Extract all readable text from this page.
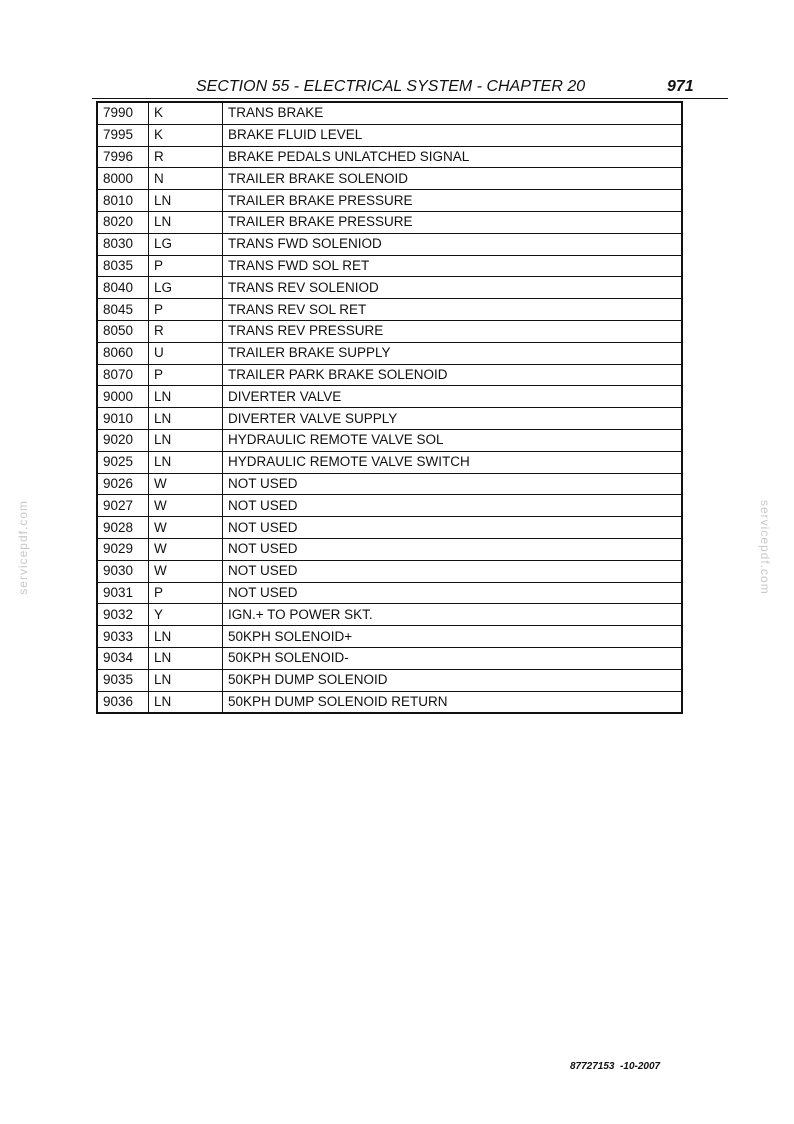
SECTION 55 - ELECTRICAL SYSTEM - CHAPTER 20	971
7990	K	TRANS BRAKE
7995	K	BRAKE FLUID LEVEL
7996	R	BRAKE PEDALS UNLATCHED SIGNAL
8000	N	TRAILER BRAKE SOLENOID
8010	LN	TRAILER BRAKE PRESSURE
8020	LN	TRAILER BRAKE PRESSURE
8030	LG	TRANS FWD SOLENIOD
8035	P	TRANS FWD SOL RET
8040	LG	TRANS REV SOLENIOD
8045	P	TRANS REV SOL RET
8050	R	TRANS REV PRESSURE
8060	U	TRAILER BRAKE SUPPLY
8070	P	TRAILER PARK BRAKE SOLENOID
9000	LN	DIVERTER VALVE
9010	LN	DIVERTER VALVE SUPPLY
9020	LN	HYDRAULIC REMOTE VALVE SOL
9025	LN	HYDRAULIC REMOTE VALVE SWITCH
9026	W	NOT USED
9027	W	NOT USED
9028	W	NOT USED
9029	W	NOT USED
9030	W	NOT USED
9031	P	NOT USED
9032	Y	IGN.+ TO POWER SKT.
9033	LN	50KPH SOLENOID+
9034	LN	50KPH SOLENOID-
9035	LN	50KPH DUMP SOLENOID
9036	LN	50KPH DUMP SOLENOID RETURN
servicepdf.com	servicepdf.com
87727153  -10-2007
